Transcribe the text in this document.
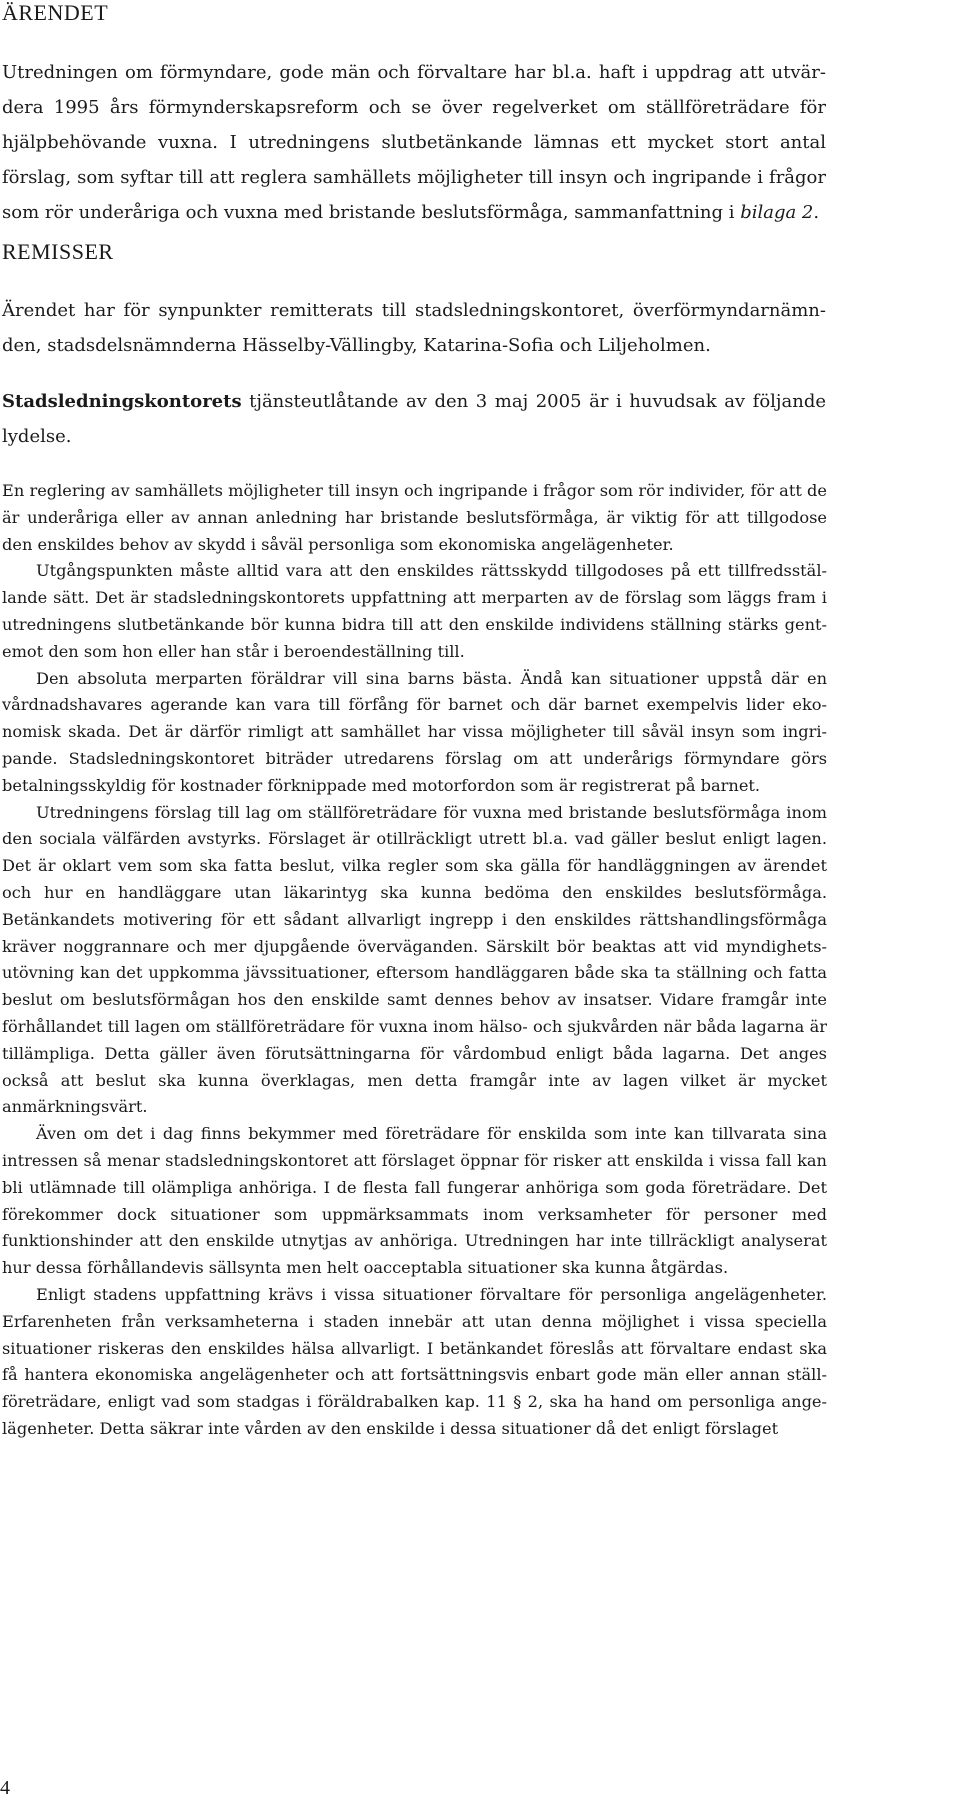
ÄRENDET

Utredningen om förmyndare, gode män och förvaltare har bl.a. haft i uppdrag att utvärdera 1995 års förmynderskapsreform och se över regelverket om ställföreträdare för hjälpbehövande vuxna. I utredningens slutbetänkande lämnas ett mycket stort antal förslag, som syftar till att reglera samhällets möjligheter till insyn och ingripande i frågor som rör underåriga och vuxna med bristande beslutsförmåga, sammanfattning i bilaga 2.

REMISSER

Ärendet har för synpunkter remitterats till stadsledningskontoret, överförmyndarnämnden, stadsdelsnämnderna Hässelby-Vällingby, Katarina-Sofia och Liljeholmen.

Stadsledningskontorets tjänsteutlåtande av den 3 maj 2005 är i huvudsak av följande lydelse.

En reglering av samhällets möjligheter till insyn och ingripande i frågor som rör individer, för att de är underåriga eller av annan anledning har bristande beslutsförmåga, är viktig för att tillgodose den enskildes behov av skydd i såväl personliga som ekonomiska angelägenheter.

Utgångspunkten måste alltid vara att den enskildes rättsskydd tillgodoses på ett tillfredsställande sätt. Det är stadsledningskontorets uppfattning att merparten av de förslag som läggs fram i utredningens slutbetänkande bör kunna bidra till att den enskilde individens ställning stärks gentemot den som hon eller han står i beroendeställning till.

Den absoluta merparten föräldrar vill sina barns bästa. Ändå kan situationer uppstå där en vårdnadshavares agerande kan vara till förfång för barnet och där barnet exempelvis lider ekonomisk skada. Det är därför rimligt att samhället har vissa möjligheter till såväl insyn som ingripande. Stadsledningskontoret biträder utredarens förslag om att underårigs förmyndare görs betalningsskyldig för kostnader förknippade med motorfordon som är registrerat på barnet.

Utredningens förslag till lag om ställföreträdare för vuxna med bristande beslutsförmåga inom den sociala välfärden avstyrks. Förslaget är otillräckligt utrett bl.a. vad gäller beslut enligt lagen. Det är oklart vem som ska fatta beslut, vilka regler som ska gälla för handläggningen av ärendet och hur en handläggare utan läkarintyg ska kunna bedöma den enskildes beslutsförmåga. Betänkandets motivering för ett sådant allvarligt ingrepp i den enskildes rättshandlingsförmåga kräver noggrannare och mer djupgående överväganden. Särskilt bör beaktas att vid myndighetsutövning kan det uppkomma jävssituationer, eftersom handläggaren både ska ta ställning och fatta beslut om beslutsförmågan hos den enskilde samt dennes behov av insatser. Vidare framgår inte förhållandet till lagen om ställföreträdare för vuxna inom hälso- och sjukvården när båda lagarna är tillämpliga. Detta gäller även förutsättningarna för vårdombud enligt båda lagarna. Det anges också att beslut ska kunna överklagas, men detta framgår inte av lagen vilket är mycket anmärkningsvärt.

Även om det i dag finns bekymmer med företrädare för enskilda som inte kan tillvarata sina intressen så menar stadsledningskontoret att förslaget öppnar för risker att enskilda i vissa fall kan bli utlämnade till olämpliga anhöriga. I de flesta fall fungerar anhöriga som goda företrädare. Det förekommer dock situationer som uppmärksammats inom verksamheter för personer med funktionshinder att den enskilde utnytjas av anhöriga. Utredningen har inte tillräckligt analyserat hur dessa förhållandevis sällsynta men helt oacceptabla situationer ska kunna åtgärdas.

Enligt stadens uppfattning krävs i vissa situationer förvaltare för personliga angelägenheter. Erfarenheten från verksamheterna i staden innebär att utan denna möjlighet i vissa speciella situationer riskeras den enskildes hälsa allvarligt. I betänkandet föreslås att förvaltare endast ska få hantera ekonomiska angelägenheter och att fortsättningsvis enbart gode män eller annan ställföreträdare, enligt vad som stadgas i föräldrabalken kap. 11 § 2, ska ha hand om personliga angelägenheter. Detta säkrar inte vården av den enskilde i dessa situationer då det enligt förslaget

4
